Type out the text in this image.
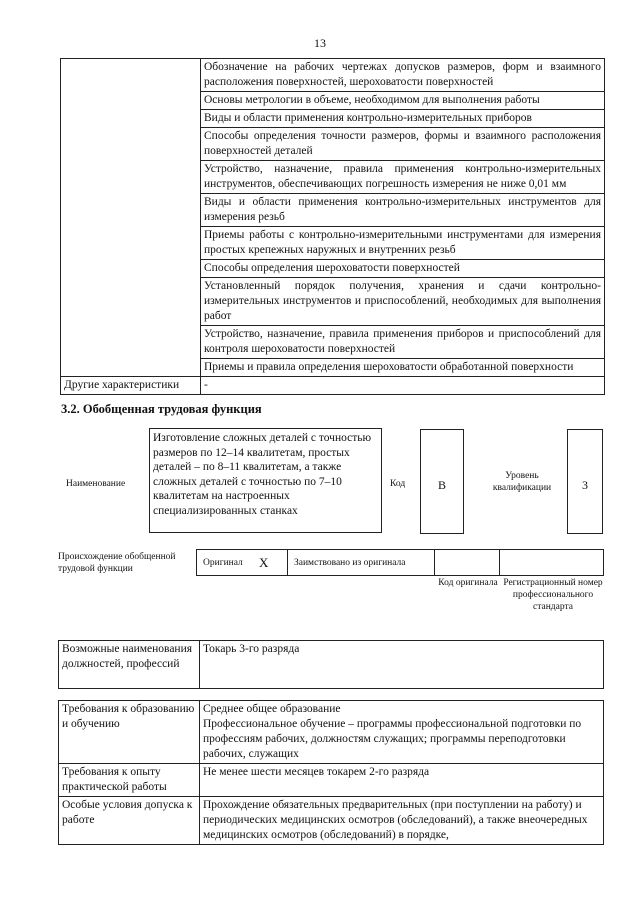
13
	Обозначение на рабочих чертежах допусков размеров, форм и взаимного расположения поверхностей, шероховатости поверхностей
	Основы метрологии в объеме, необходимом для выполнения работы
	Виды и области применения контрольно-измерительных приборов
	Способы определения точности размеров, формы и взаимного расположения поверхностей деталей
	Устройство, назначение, правила применения контрольно-измерительных инструментов, обеспечивающих погрешность измерения не ниже 0,01 мм
	Виды и области применения контрольно-измерительных инструментов для измерения резьб
	Приемы работы с контрольно-измерительными инструментами для измерения простых крепежных наружных и внутренних резьб
	Способы определения шероховатости поверхностей
	Установленный порядок получения, хранения и сдачи контрольно-измерительных инструментов и приспособлений, необходимых для выполнения работ
	Устройство, назначение, правила применения приборов и приспособлений для контроля шероховатости поверхностей
	Приемы и правила определения шероховатости обработанной поверхности
Другие характеристики	-
3.2. Обобщенная трудовая функция
Наименование
Изготовление сложных деталей с точностью размеров по 12–14 квалитетам, простых деталей – по 8–11 квалитетам, а также сложных деталей с точностью по 7–10 квалитетам на настроенных специализированных станках
Код	В
Уровень квалификации	3
Происхождение обобщенной трудовой функции
Оригинал X	Заимствовано из оригинала
Код оригинала Регистрационный номер профессионального стандарта
Возможные наименования должностей, профессий	Токарь 3-го разряда
Требования к образованию и обучению	Среднее общее образование
Профессиональное обучение – программы профессиональной подготовки по профессиям рабочих, должностям служащих; программы переподготовки рабочих, служащих

Требования к опыту практической работы	Не менее шести месяцев токарем 2-го разряда
Особые условия допуска к работе	Прохождение обязательных предварительных (при поступлении на работу) и периодических медицинских осмотров (обследований), а также внеочередных медицинских осмотров (обследований) в порядке,
